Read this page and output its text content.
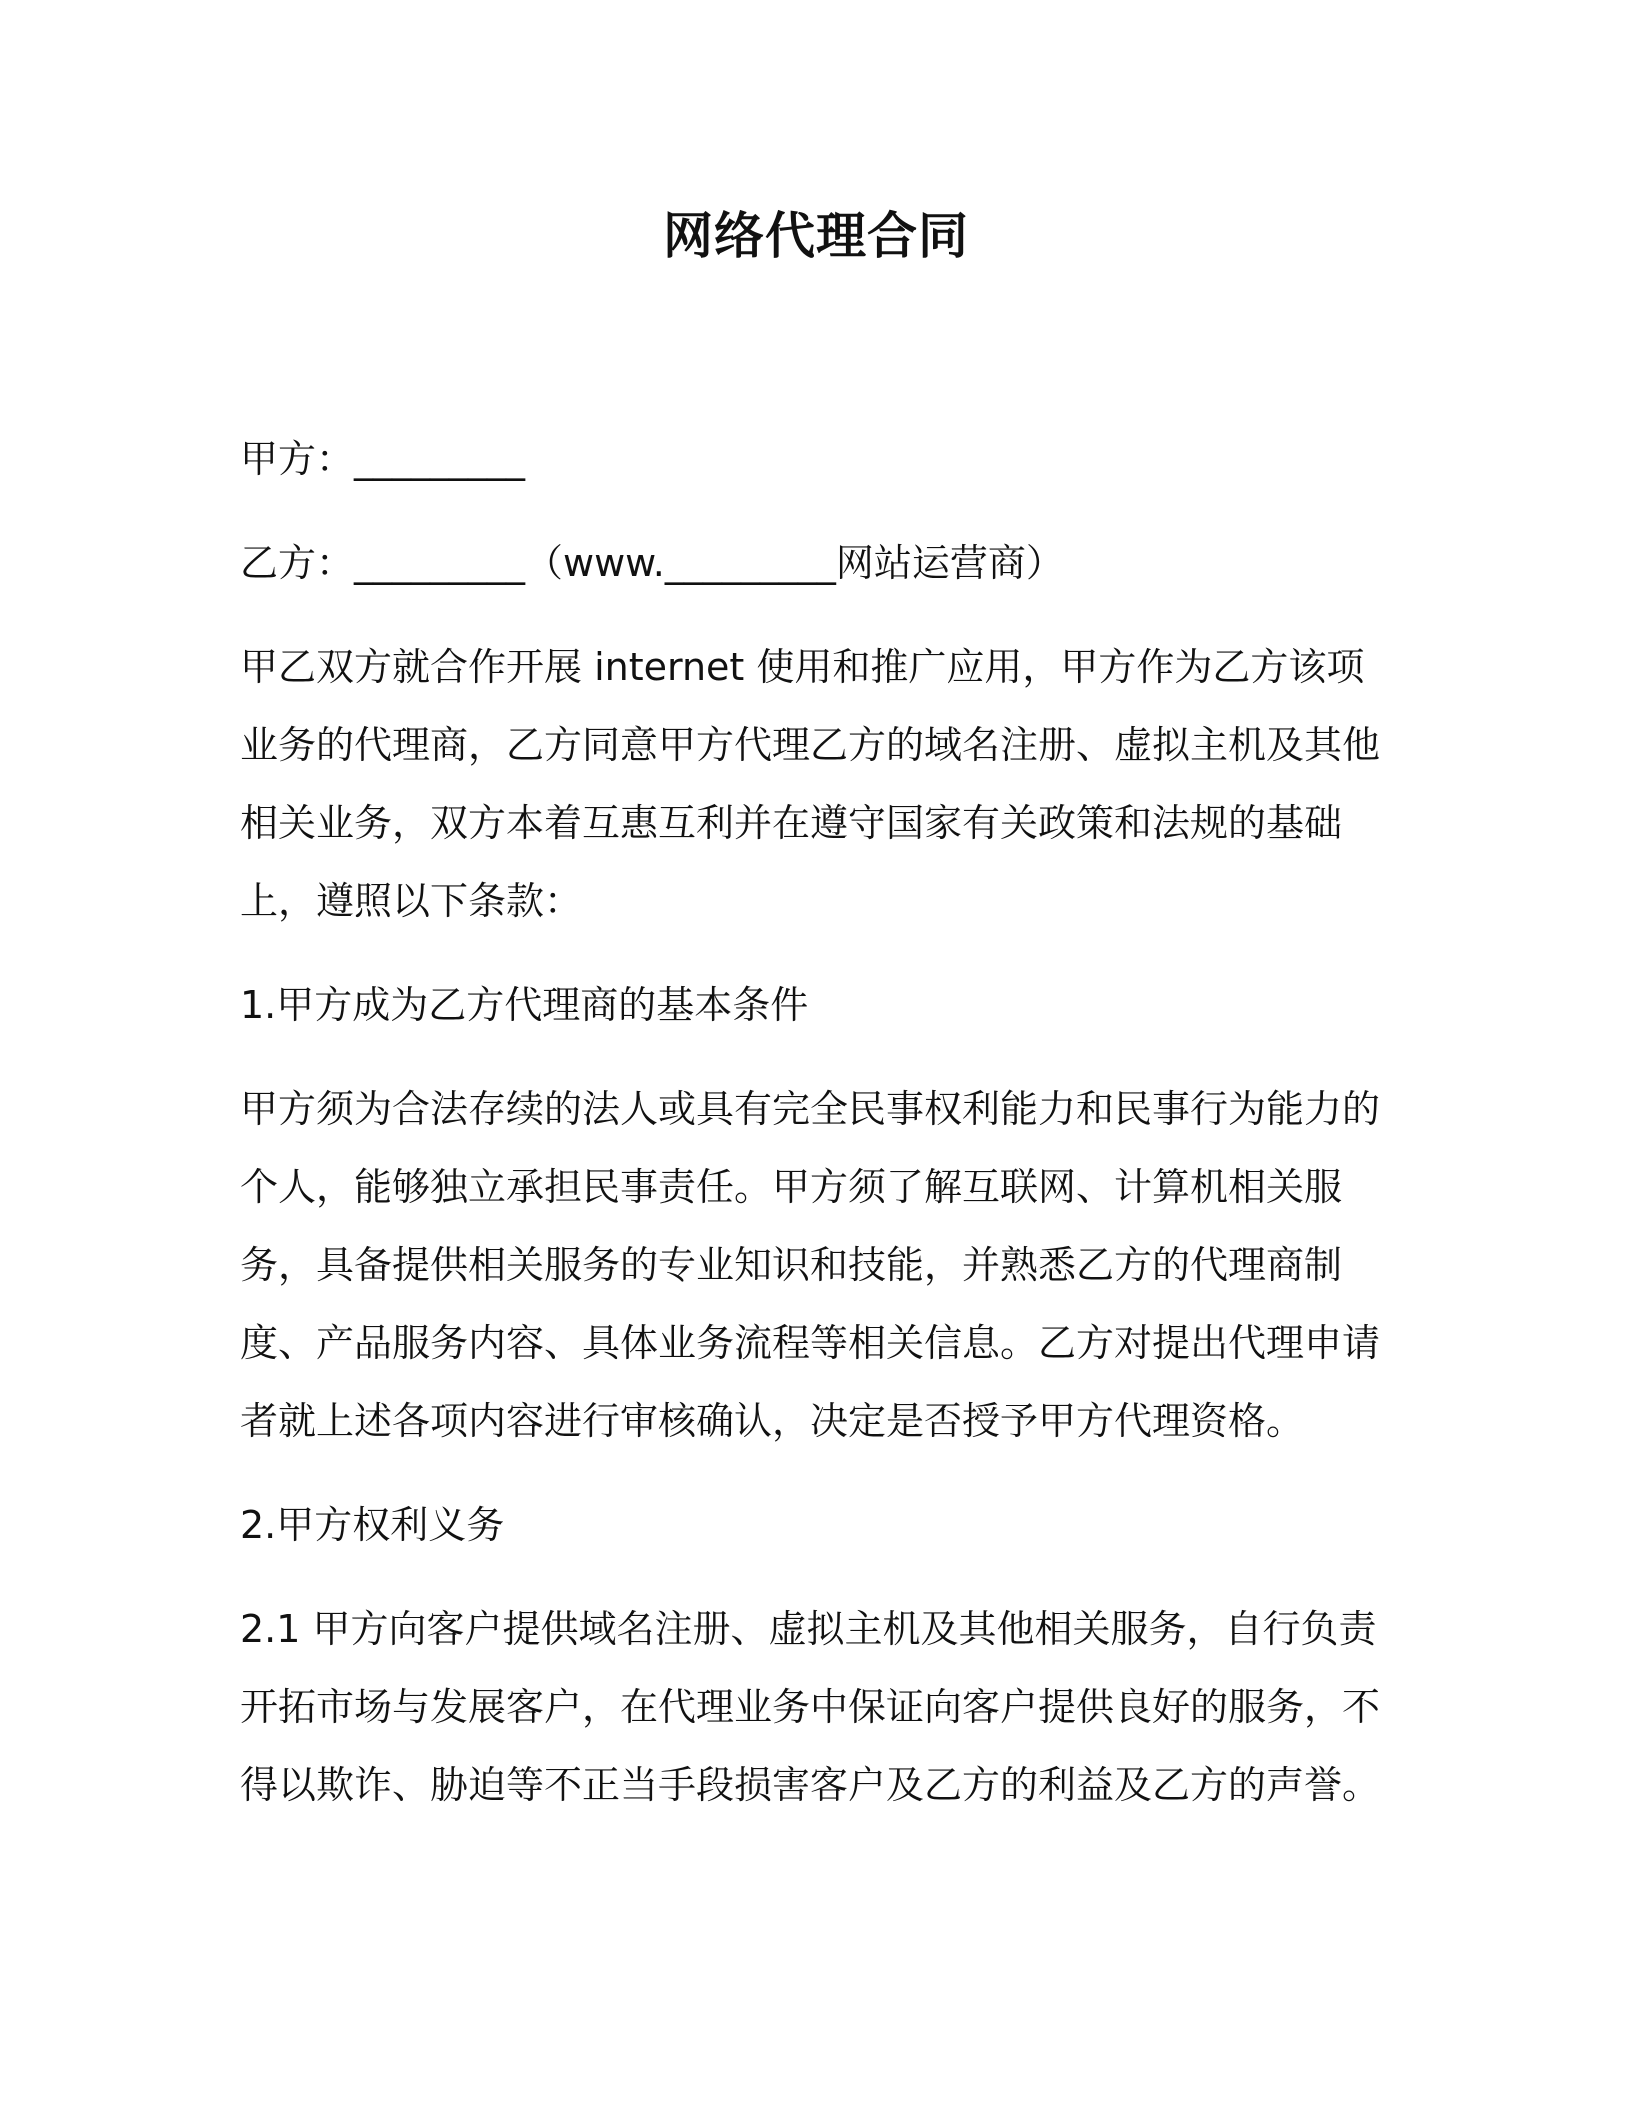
网络代理合同

甲方：_________

乙方：_________（www._________网站运营商）

甲乙双方就合作开展 internet 使用和推广应用，甲方作为乙方该项业务的代理商，乙方同意甲方代理乙方的域名注册、虚拟主机及其他相关业务，双方本着互惠互利并在遵守国家有关政策和法规的基础上，遵照以下条款：

1.甲方成为乙方代理商的基本条件

甲方须为合法存续的法人或具有完全民事权利能力和民事行为能力的个人，能够独立承担民事责任。甲方须了解互联网、计算机相关服务，具备提供相关服务的专业知识和技能，并熟悉乙方的代理商制度、产品服务内容、具体业务流程等相关信息。乙方对提出代理申请者就上述各项内容进行审核确认，决定是否授予甲方代理资格。

2.甲方权利义务

2.1 甲方向客户提供域名注册、虚拟主机及其他相关服务，自行负责开拓市场与发展客户，在代理业务中保证向客户提供良好的服务，不得以欺诈、胁迫等不正当手段损害客户及乙方的利益及乙方的声誉。
